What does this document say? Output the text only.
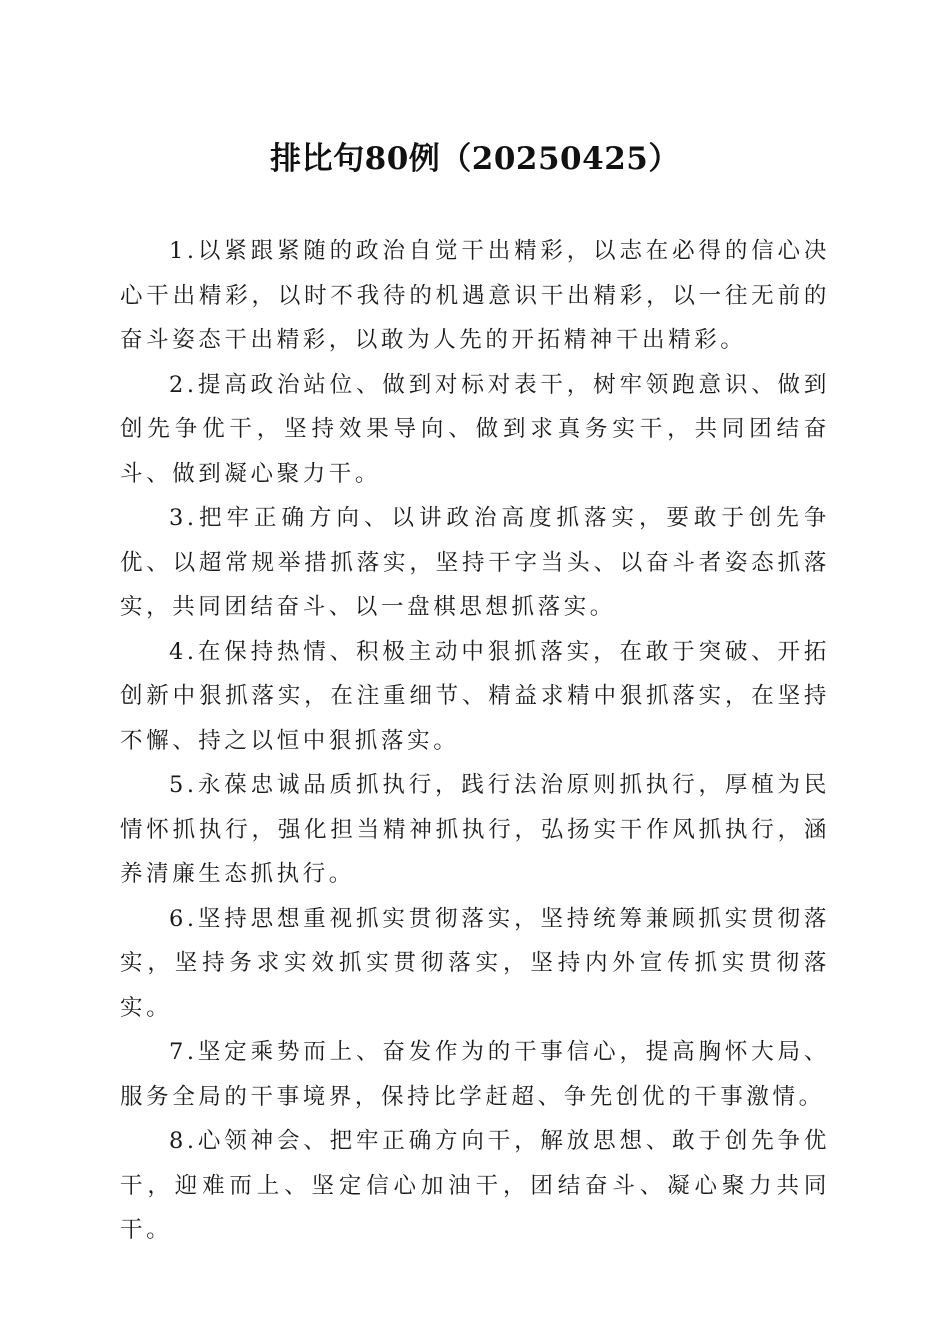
排比句80例（20250425）

1.以紧跟紧随的政治自觉干出精彩，以志在必得的信心决心干出精彩，以时不我待的机遇意识干出精彩，以一往无前的奋斗姿态干出精彩，以敢为人先的开拓精神干出精彩。

2.提高政治站位、做到对标对表干，树牢领跑意识、做到创先争优干，坚持效果导向、做到求真务实干，共同团结奋斗、做到凝心聚力干。

3.把牢正确方向、以讲政治高度抓落实，要敢于创先争优、以超常规举措抓落实，坚持干字当头、以奋斗者姿态抓落实，共同团结奋斗、以一盘棋思想抓落实。

4.在保持热情、积极主动中狠抓落实，在敢于突破、开拓创新中狠抓落实，在注重细节、精益求精中狠抓落实，在坚持不懈、持之以恒中狠抓落实。

5.永葆忠诚品质抓执行，践行法治原则抓执行，厚植为民情怀抓执行，强化担当精神抓执行，弘扬实干作风抓执行，涵养清廉生态抓执行。

6.坚持思想重视抓实贯彻落实，坚持统筹兼顾抓实贯彻落实，坚持务求实效抓实贯彻落实，坚持内外宣传抓实贯彻落实。

7.坚定乘势而上、奋发作为的干事信心，提高胸怀大局、服务全局的干事境界，保持比学赶超、争先创优的干事激情。

8.心领神会、把牢正确方向干，解放思想、敢于创先争优干，迎难而上、坚定信心加油干，团结奋斗、凝心聚力共同干。
